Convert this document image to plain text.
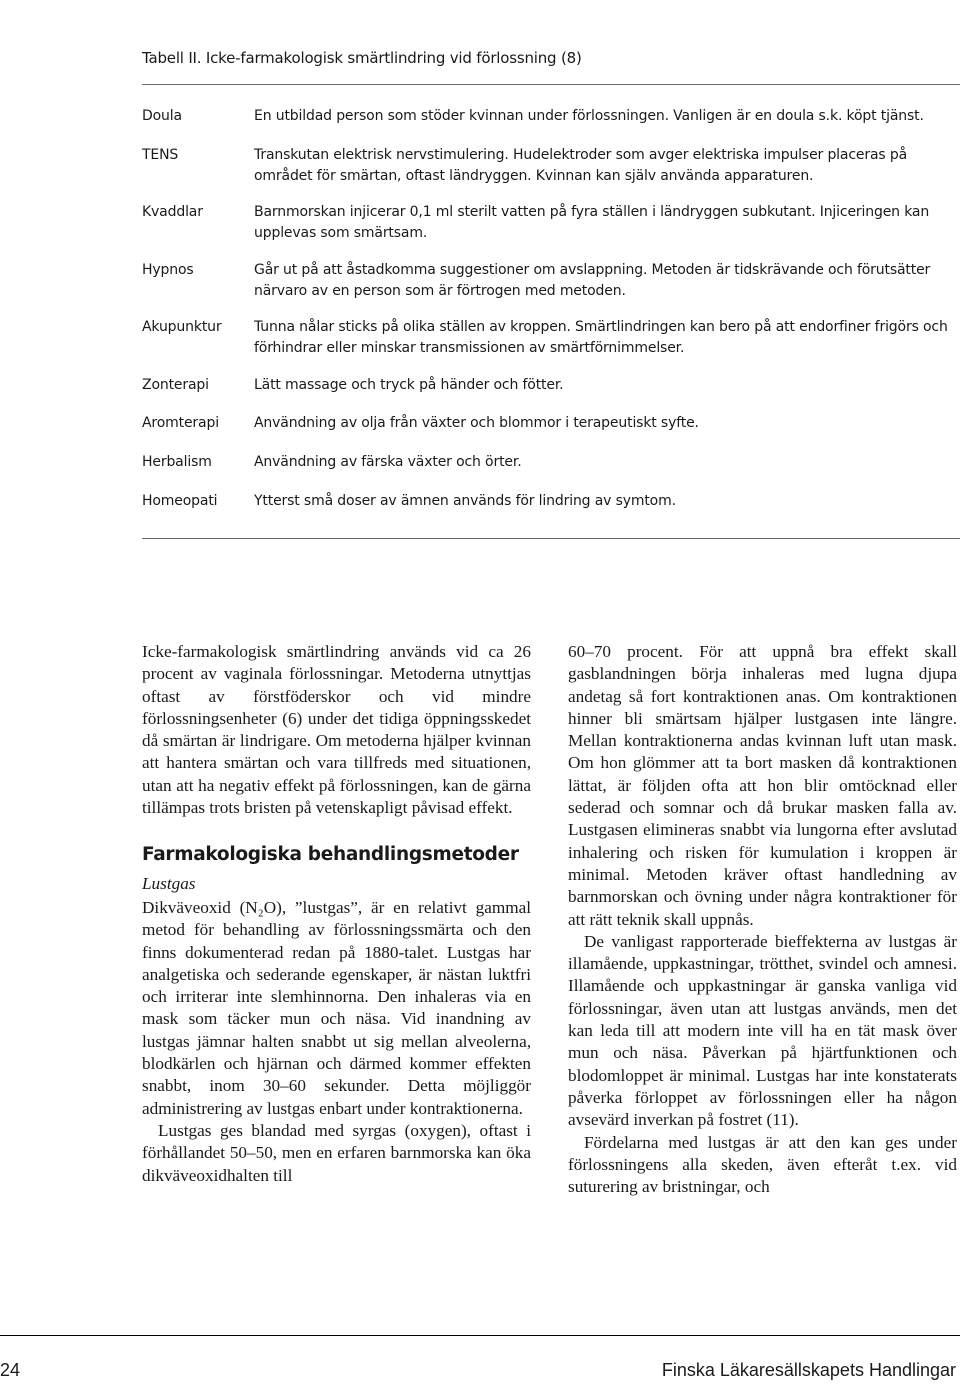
Tabell II. Icke-farmakologisk smärtlindring vid förlossning (8)
Doula	En utbildad person som stöder kvinnan under förlossningen. Vanligen är en doula s.k. köpt tjänst.
TENS	Transkutan elektrisk nervstimulering. Hudelektroder som avger elektriska impulser placeras på området för smärtan, oftast ländryggen. Kvinnan kan själv använda apparaturen.
Kvaddlar	Barnmorskan injicerar 0,1 ml sterilt vatten på fyra ställen i ländryggen subkutant. Injiceringen kan upplevas som smärtsam.
Hypnos	Går ut på att åstadkomma suggestioner om avslappning. Metoden är tidskrävande och förutsätter närvaro av en person som är förtrogen med metoden.
Akupunktur	Tunna nålar sticks på olika ställen av kroppen. Smärtlindringen kan bero på att endorfiner frigörs och förhindrar eller minskar transmissionen av smärtförnimmelser.
Zonterapi	Lätt massage och tryck på händer och fötter.
Aromterapi	Användning av olja från växter och blommor i terapeutiskt syfte.
Herbalism	Användning av färska växter och örter.
Homeopati	Ytterst små doser av ämnen används för lindring av symtom.

Icke-farmakologisk smärtlindring används vid ca 26 procent av vaginala förlossningar. Metoderna utnyttjas oftast av förstföderskor och vid mindre förlossningsenheter (6) under det tidiga öppningsskedet då smärtan är lindrigare. Om metoderna hjälper kvinnan att hantera smärtan och vara tillfreds med situationen, utan att ha negativ effekt på förlossningen, kan de gärna tillämpas trots bristen på vetenskapligt påvisad effekt.

Farmakologiska behandlingsmetoder
Lustgas

Dikväveoxid (N₂O), ”lustgas”, är en relativt gammal metod för behandling av förlossningssmärta och den finns dokumenterad redan på 1880-talet. Lustgas har analgetiska och sederande egenskaper, är nästan luktfri och irriterar inte slemhinnorna. Den inhaleras via en mask som täcker mun och näsa. Vid inandning av lustgas jämnar halten snabbt ut sig mellan alveolerna, blodkärlen och hjärnan och därmed kommer effekten snabbt, inom 30–60 sekunder. Detta möjliggör administrering av lustgas enbart under kontraktionerna.

Lustgas ges blandad med syrgas (oxygen), oftast i förhållandet 50–50, men en erfaren barnmorska kan öka dikväveoxidhalten till

60–70 procent. För att uppnå bra effekt skall gasblandningen börja inhaleras med lugna djupa andetag så fort kontraktionen anas. Om kontraktionen hinner bli smärtsam hjälper lustgasen inte längre. Mellan kontraktionerna andas kvinnan luft utan mask. Om hon glömmer att ta bort masken då kontraktionen lättat, är följden ofta att hon blir omtöcknad eller sederad och somnar och då brukar masken falla av. Lustgasen elimineras snabbt via lungorna efter avslutad inhalering och risken för kumulation i kroppen är minimal. Metoden kräver oftast handledning av barnmorskan och övning under några kontraktioner för att rätt teknik skall uppnås.

De vanligast rapporterade bieffekterna av lustgas är illamående, uppkastningar, trötthet, svindel och amnesi. Illamående och uppkastningar är ganska vanliga vid förlossningar, även utan att lustgas används, men det kan leda till att modern inte vill ha en tät mask över mun och näsa. Påverkan på hjärtfunktionen och blodomloppet är minimal. Lustgas har inte konstaterats påverka förloppet av förlossningen eller ha någon avsevärd inverkan på fostret (11).

Fördelarna med lustgas är att den kan ges under förlossningens alla skeden, även efteråt t.ex. vid suturering av bristningar, och

24	Finska Läkaresällskapets Handlingar
